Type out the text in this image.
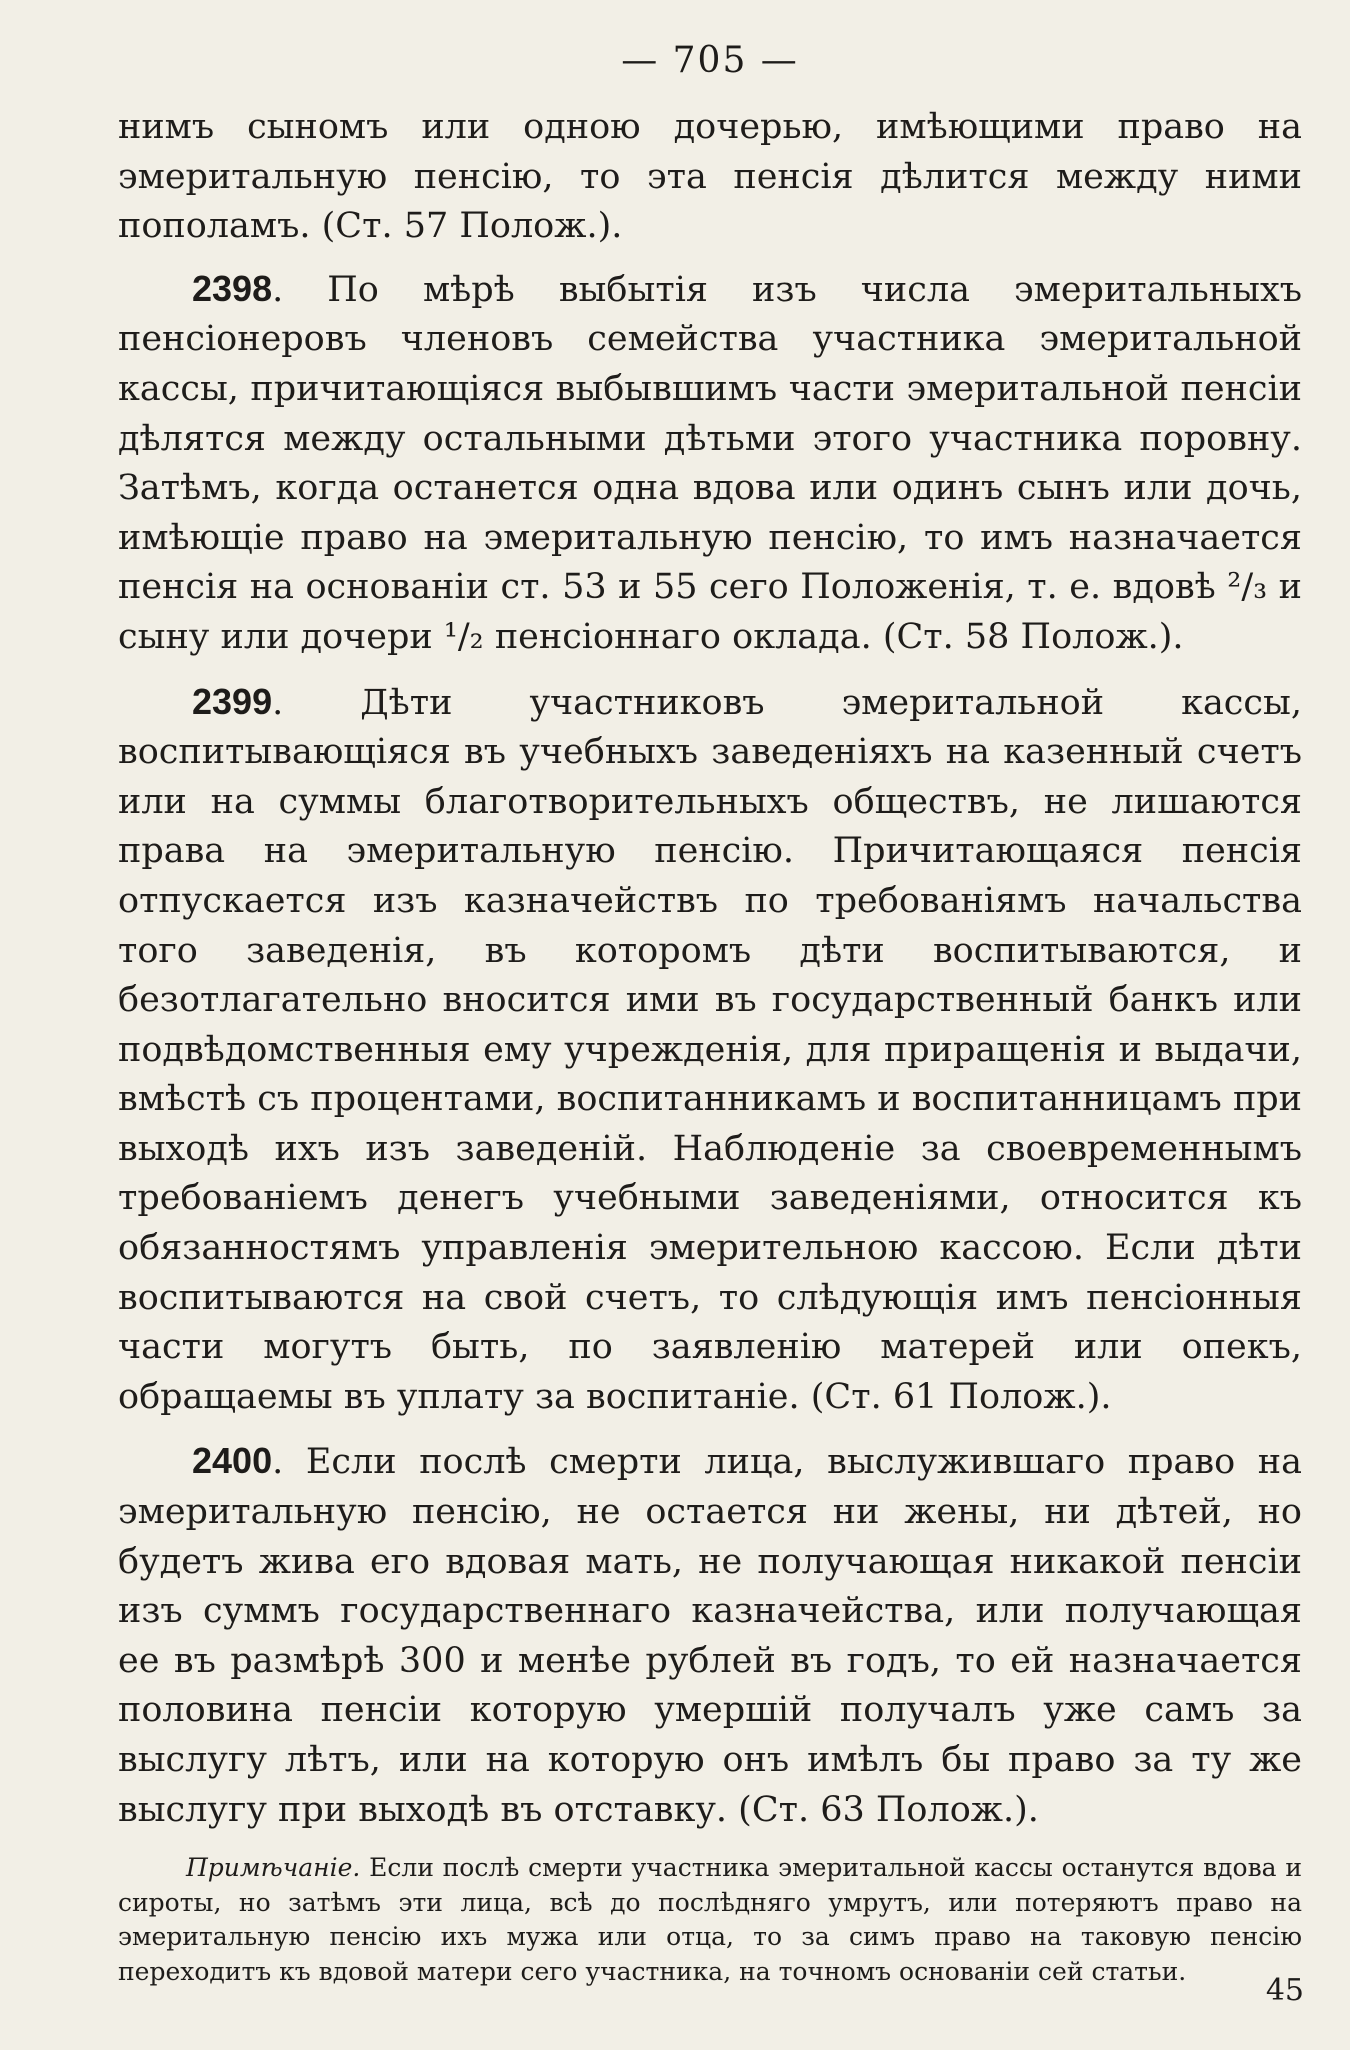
— 705 —

нимъ сыномъ или одною дочерью, имѣющими право на эмеритальную пенсію, то эта пенсія дѣлится между ними пополамъ. (Ст. 57 Полож.).

2398. По мѣрѣ выбытія изъ числа эмеритальныхъ пенсіонеровъ членовъ семейства участника эмеритальной кассы, причитающіяся выбывшимъ части эмеритальной пенсіи дѣлятся между остальными дѣтьми этого участника поровну. Затѣмъ, когда останется одна вдова или одинъ сынъ или дочь, имѣющіе право на эмеритальную пенсію, то имъ назначается пенсія на основаніи ст. 53 и 55 сего Положенія, т. е. вдовѣ ²/₃ и сыну или дочери ¹/₂ пенсіоннаго оклада. (Ст. 58 Полож.).

2399. Дѣти участниковъ эмеритальной кассы, воспитывающіяся въ учебныхъ заведеніяхъ на казенный счетъ или на суммы благотворительныхъ обществъ, не лишаются права на эмеритальную пенсію. Причитающаяся пенсія отпускается изъ казначействъ по требованіямъ начальства того заведенія, въ которомъ дѣти воспитываются, и безотлагательно вносится ими въ государственный банкъ или подвѣдомственныя ему учрежденія, для приращенія и выдачи, вмѣстѣ съ процентами, воспитанникамъ и воспитанницамъ при выходѣ ихъ изъ заведеній. Наблюденіе за своевременнымъ требованіемъ денегъ учебными заведеніями, относится къ обязанностямъ управленія эмерительною кассою. Если дѣти воспитываются на свой счетъ, то слѣдующія имъ пенсіонныя части могутъ быть, по заявленію матерей или опекъ, обращаемы въ уплату за воспитаніе. (Ст. 61 Полож.).

2400. Если послѣ смерти лица, выслужившаго право на эмеритальную пенсію, не остается ни жены, ни дѣтей, но будетъ жива его вдовая мать, не получающая никакой пенсіи изъ суммъ государственнаго казначейства, или получающая ее въ размѣрѣ 300 и менѣе рублей въ годъ, то ей назначается половина пенсіи которую умершій получалъ уже самъ за выслугу лѣтъ, или на которую онъ имѣлъ бы право за ту же выслугу при выходѣ въ отставку. (Ст. 63 Полож.).

Примѣчаніе. Если послѣ смерти участника эмеритальной кассы останутся вдова и сироты, но затѣмъ эти лица, всѣ до послѣдняго умрутъ, или потеряютъ право на эмеритальную пенсію ихъ мужа или отца, то за симъ право на таковую пенсію переходитъ къ вдовой матери сего участника, на точномъ основаніи сей статьи.

45
